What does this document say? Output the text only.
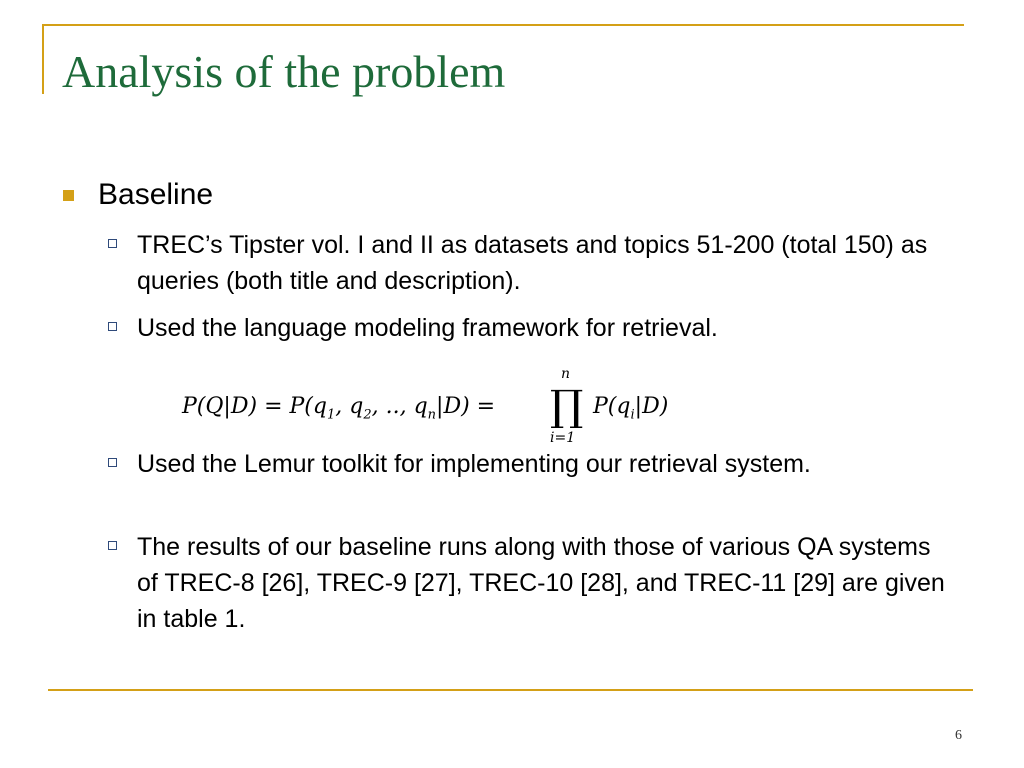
Analysis of the problem
Baseline
TREC’s Tipster vol. I and II as datasets and topics 51-200 (total 150) as queries (both title and description).
Used the language modeling framework for retrieval.
Used the Lemur toolkit for implementing our retrieval system.
The results of our baseline runs along with those of various QA systems of TREC-8 [26], TREC-9 [27], TREC-10 [28], and TREC-11 [29] are given in table 1.
$P(Q|D) = P(q_1$, $q_2$, .., $q_n|D$) =
n
∏
i=1
$P(q_i|D)$
6
